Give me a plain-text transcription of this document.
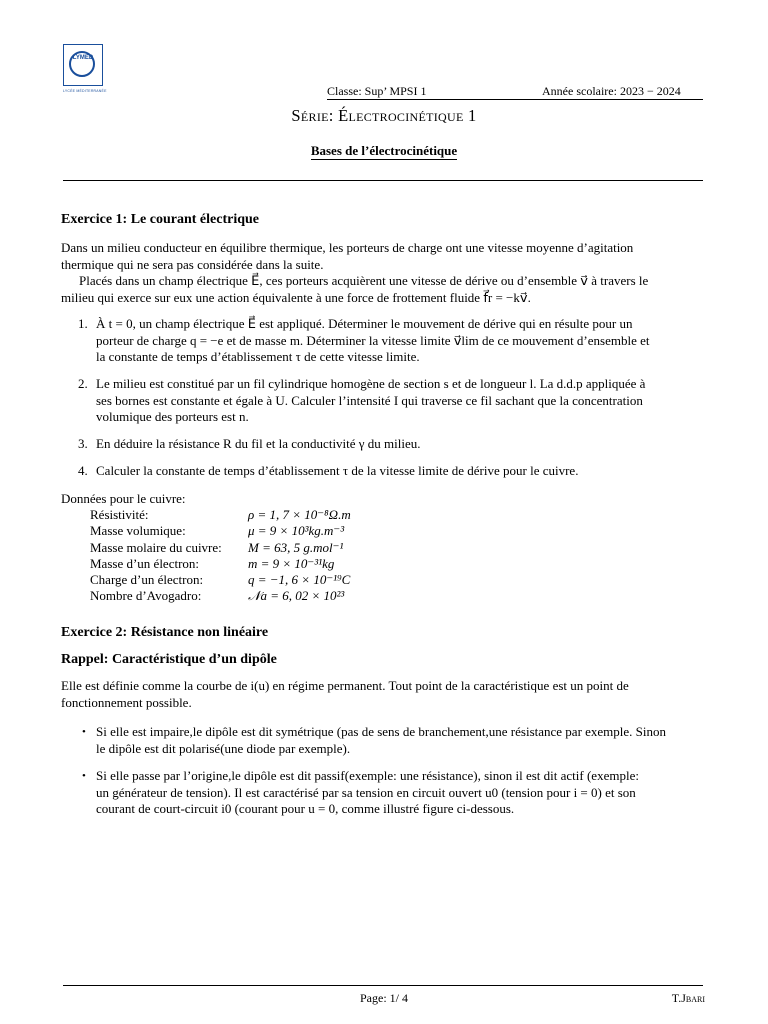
LYMED
LYCÉE MÉDITERRANÉE	Classe: Sup’ MPSI 1	Année scolaire: 2023 − 2024
Série: Électrocinétique 1
Bases de l’électrocinétique
Exercice 1: Le courant électrique

Dans un milieu conducteur en équilibre thermique, les porteurs de charge ont une vitesse moyenne d’agitation

thermique qui ne sera pas considérée dans la suite.

Placés dans un champ électrique E⃗, ces porteurs acquièrent une vitesse de dérive ou d’ensemble v⃗ à travers le

milieu qui exerce sur eux une action équivalente à une force de frottement fluide f⃗r = −kv⃗.

1. À t = 0, un champ électrique E⃗ est appliqué. Déterminer le mouvement de dérive qui en résulte pour un
porteur de charge q = −e et de masse m. Déterminer la vitesse limite v⃗lim de ce mouvement d’ensemble et
la constante de temps d’établissement τ de cette vitesse limite.
2. Le milieu est constitué par un fil cylindrique homogène de section s et de longueur l. La d.d.p appliquée à
ses bornes est constante et égale à U. Calculer l’intensité I qui traverse ce fil sachant que la concentration
volumique des porteurs est n.
3. En déduire la résistance R du fil et la conductivité γ du milieu.
4. Calculer la constante de temps d’établissement τ de la vitesse limite de dérive pour le cuivre.
Données pour le cuivre:
Résistivité:	ρ = 1, 7 × 10⁻⁸Ω.m
Masse volumique:	μ = 9 × 10³kg.m⁻³
Masse molaire du cuivre:	M = 63, 5 g.mol⁻¹
Masse d’un électron:	m = 9 × 10⁻³¹kg
Charge d’un électron:	q = −1, 6 × 10⁻¹⁹C
Nombre d’Avogadro:	𝒩a = 6, 02 × 10²³
Exercice 2: Résistance non linéaire
Rappel: Caractéristique d’un dipôle

Elle est définie comme la courbe de i(u) en régime permanent. Tout point de la caractéristique est un point de

fonctionnement possible.

• Si elle est impaire,le dipôle est dit symétrique (pas de sens de branchement,une résistance par exemple. Sinon
le dipôle est dit polarisé(une diode par exemple).
• Si elle passe par l’origine,le dipôle est dit passif(exemple: une résistance), sinon il est dit actif (exemple:
un générateur de tension). Il est caractérisé par sa tension en circuit ouvert u0 (tension pour i = 0) et son
courant de court-circuit i0 (courant pour u = 0, comme illustré figure ci-dessous.
Page: 1/ 4	T.Jbari
